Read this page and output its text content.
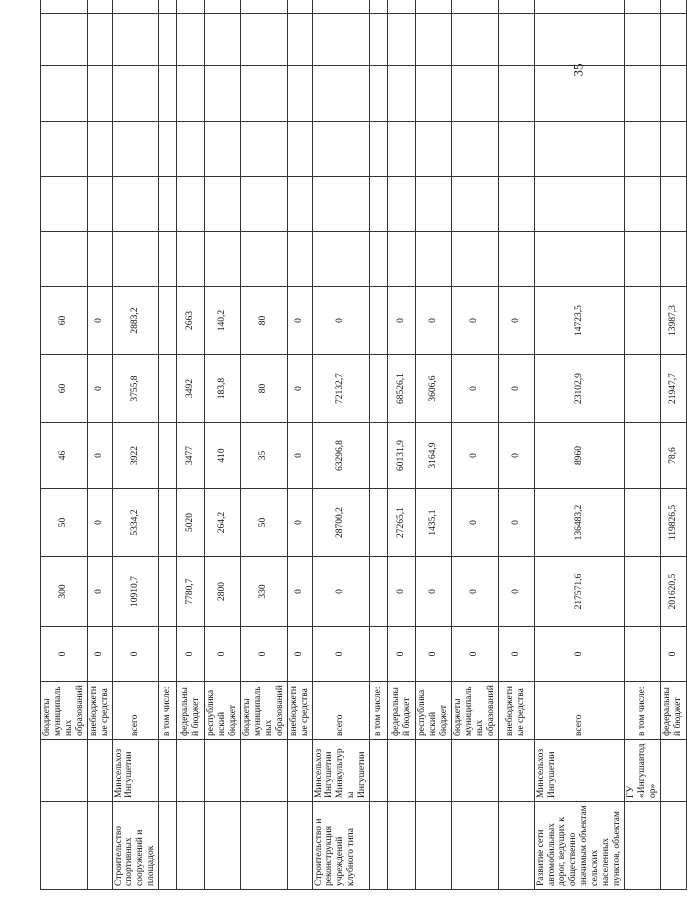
35
		бюджеты муниципальных образований	0	300	50	46	60	60						
		внебюджетные средства	0	0	0	0	0	0						
Строительство спортивных сооружений и площадок	Минсельхоз Ингушетии	всего	0	10910,7	5334,2	3922	3755,8	2883,2						
		в том числе:												
		федеральный бюджет	0	7780,7	5020	3477	3492	2663						
		республиканский бюджет	0	2800	264,2	410	183,8	140,2						
		бюджеты муниципальных образований	0	330	50	35	80	80						
		внебюджетные средства	0	0	0	0	0	0						
Строительство и реконструкция учреждений клубного типа	Минсельхоз Ингушетии Минкультуры Ингушетии	всего	0	0	28700,2	63296,8	72132,7	0						
		в том числе:												
		федеральный бюджет	0	0	27265,1	60131,9	68526,1	0						
		республиканский бюджет	0	0	1435,1	3164,9	3606,6	0						
		бюджеты муниципальных образований	0	0	0	0	0	0						
		внебюджетные средства	0	0	0	0	0	0						
Развитие сети автомобильных дорог, ведущих к общественно значимым объектам сельских населенных пунктов, объектам	Минсельхоз Ингушетии	всего	0	217571,6	136483,2	8960	23102,9	14723,5						
	ГУ «Ингушавтодор»	в том числе:												
		федеральный бюджет	0	201620,5	119826,5	78,6	21947,7	13987,3						
